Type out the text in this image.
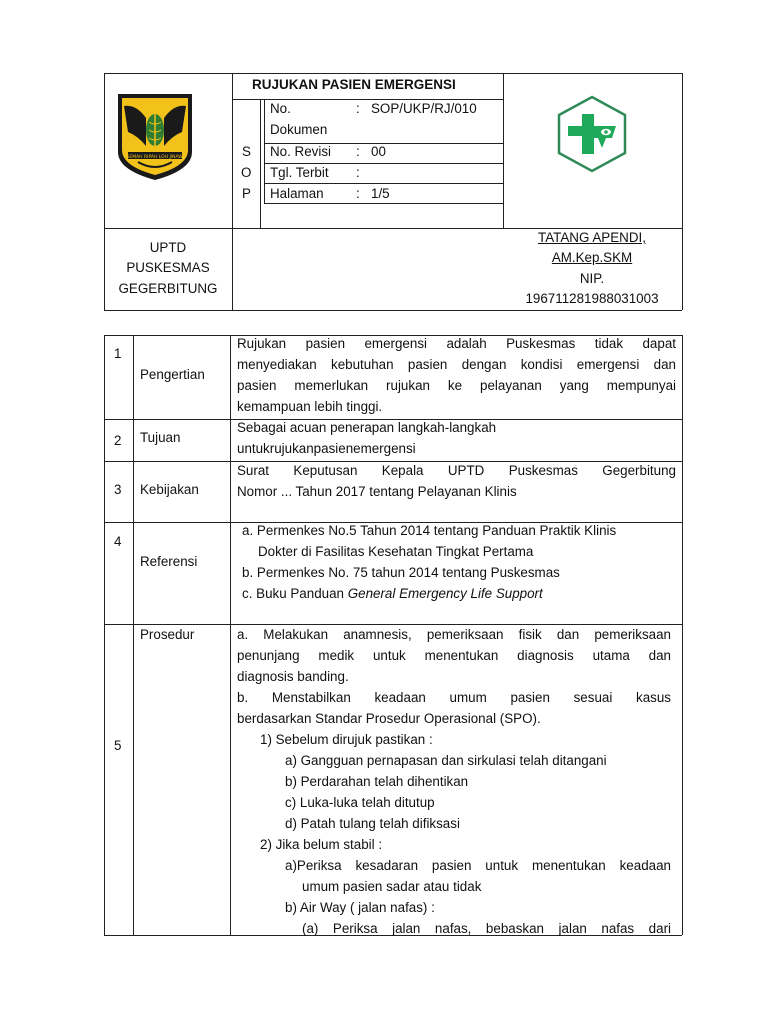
GEMAH RIPAH LOH JINAWI
RUJUKAN PASIEN EMERGENSI
S
O
P
No.
Dokumen
: SOP/UKP/RJ/010
No. Revisi : 00
Tgl. Terbit :
Halaman : 1/5
UPTD
PUSKESMAS
GEGERBITUNG
TATANG APENDI,
AM.Kep.SKM
NIP.
196711281988031003
1
Pengertian
Rujukan pasien emergensi adalah Puskesmas tidak dapat
menyediakan kebutuhan pasien dengan kondisi emergensi dan
pasien memerlukan rujukan ke pelayanan yang mempunyai
kemampuan lebih tinggi.
2 Tujuan
Sebagai acuan penerapan langkah-langkah
untukrujukanpasienemergensi
3 Kebijakan
Surat Keputusan Kepala UPTD Puskesmas Gegerbitung
Nomor ... Tahun 2017 tentang Pelayanan Klinis
4
Referensi
a. Permenkes No.5 Tahun 2014 tentang Panduan Praktik Klinis
Dokter di Fasilitas Kesehatan Tingkat Pertama
b. Permenkes No. 75 tahun 2014 tentang Puskesmas
c. Buku Panduan General Emergency Life Support
5
Prosedur	a. Melakukan anamnesis, pemeriksaan fisik dan pemeriksaan
penunjang medik untuk menentukan diagnosis utama dan
diagnosis banding.
b. Menstabilkan keadaan umum pasien sesuai kasus
berdasarkan Standar Prosedur Operasional (SPO).
1) Sebelum dirujuk pastikan :
a) Gangguan pernapasan dan sirkulasi telah ditangani
b) Perdarahan telah dihentikan
c) Luka-luka telah ditutup
d) Patah tulang telah difiksasi
2) Jika belum stabil :
a)Periksa kesadaran pasien untuk menentukan keadaan
umum pasien sadar atau tidak
b) Air Way ( jalan nafas) :
(a) Periksa jalan nafas, bebaskan jalan nafas dari
